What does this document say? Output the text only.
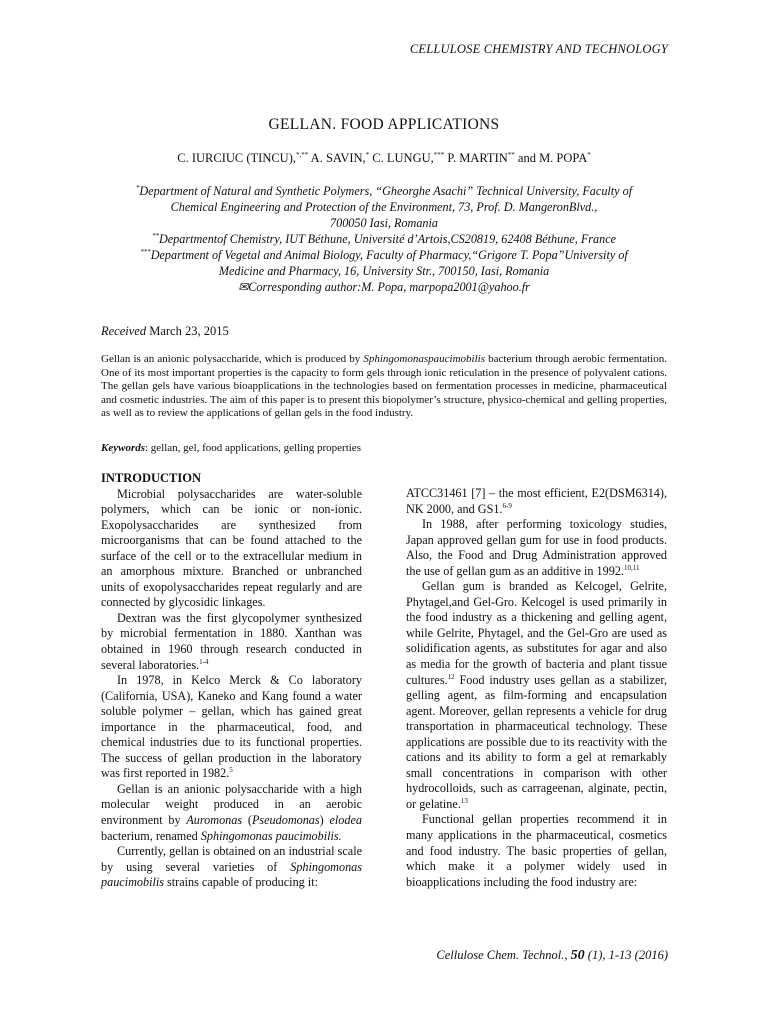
CELLULOSE CHEMISTRY AND TECHNOLOGY
GELLAN. FOOD APPLICATIONS
C. IURCIUC (TINCU),*,** A. SAVIN,* C. LUNGU,*** P. MARTIN** and M. POPA*

*Department of Natural and Synthetic Polymers, “Gheorghe Asachi” Technical University, Faculty of

Chemical Engineering and Protection of the Environment, 73, Prof. D. MangeronBlvd.,

700050 Iasi, Romania

**Departmentof Chemistry, IUT Béthune, Université d’Artois,CS20819, 62408 Béthune, France

***Department of Vegetal and Animal Biology, Faculty of Pharmacy,“Grigore T. Popa”University of

Medicine and Pharmacy, 16, University Str., 700150, Iasi, Romania

✉Corresponding author:M. Popa, marpopa2001@yahoo.fr

Received March 23, 2015
Gellan is an anionic polysaccharide, which is produced by Sphingomonaspaucimobilis bacterium through aerobic fermentation. One of its most important properties is the capacity to form gels through ionic reticulation in the presence of polyvalent cations. The gellan gels have various bioapplications in the technologies based on fermentation processes in medicine, pharmaceutical and cosmetic industries. The aim of this paper is to present this biopolymer’s structure, physico-chemical and gelling properties, as well as to review the applications of gellan gels in the food industry.
Keywords: gellan, gel, food applications, gelling properties
INTRODUCTION

Microbial polysaccharides are water-soluble polymers, which can be ionic or non-ionic. Exopolysaccharides are synthesized from microorganisms that can be found attached to the surface of the cell or to the extracellular medium in an amorphous mixture. Branched or unbranched units of exopolysaccharides repeat regularly and are connected by glycosidic linkages.

Dextran was the first glycopolymer synthesized by microbial fermentation in 1880. Xanthan was obtained in 1960 through research conducted in several laboratories.$^{1-4}$

In 1978, in Kelco Merck & Co laboratory (California, USA), Kaneko and Kang found a water soluble polymer – gellan, which has gained great importance in the pharmaceutical, food, and chemical industries due to its functional properties. The success of gellan production in the laboratory was first reported in 1982.$^5$

Gellan is an anionic polysaccharide with a high molecular weight produced in an aerobic environment by Auromonas (Pseudomonas) elodea bacterium, renamed Sphingomonas paucimobilis.

Currently, gellan is obtained on an industrial scale by using several varieties of Sphingomonas paucimobilis strains capable of producing it:

ATCC31461 [7] – the most efficient, E2(DSM6314), NK 2000, and GS1.$^{6-9}$

In 1988, after performing toxicology studies, Japan approved gellan gum for use in food products. Also, the Food and Drug Administration approved the use of gellan gum as an additive in 1992.$^{10,11}$

Gellan gum is branded as Kelcogel, Gelrite, Phytagel,and Gel-Gro. Kelcogel is used primarily in the food industry as a thickening and gelling agent, while Gelrite, Phytagel, and the Gel-Gro are used as solidification agents, as substitutes for agar and also as media for the growth of bacteria and plant tissue cultures.$^{12}$ Food industry uses gellan as a stabilizer, gelling agent, as film-forming and encapsulation agent. Moreover, gellan represents a vehicle for drug transportation in pharmaceutical technology. These applications are possible due to its reactivity with the cations and its ability to form a gel at remarkably small concentrations in comparison with other hydrocolloids, such as carrageenan, alginate, pectin, or gelatine.$^{13}$

Functional gellan properties recommend it in many applications in the pharmaceutical, cosmetics and food industry. The basic properties of gellan, which make it a polymer widely used in bioapplications including the food industry are:

Cellulose Chem. Technol., 50 (1), 1-13 (2016)
